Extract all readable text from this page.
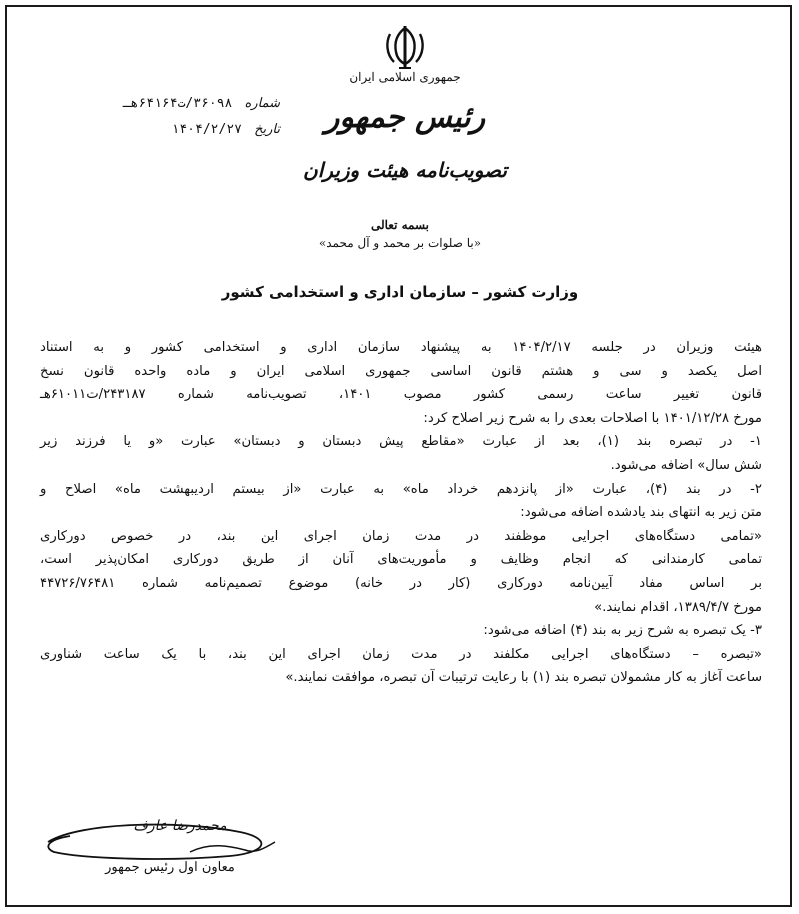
جمهوری اسلامی ایران
رئیس جمهور
تصویب‌نامه هیئت وزیران
شماره ۳۶۰۹۸/ت۶۴۱۶۴هـ
تاریخ ۱۴۰۴/۲/۲۷
بسمه تعالی
«با صلوات بر محمد و آل محمد»
وزارت کشور – سازمان اداری و استخدامی کشور

هیئت وزیران در جلسه ۱۴۰۴/۲/۱۷ به پیشنهاد سازمان اداری و استخدامی کشور و به استناد

اصل یکصد و سی و هشتم قانون اساسی جمهوری اسلامی ایران و ماده واحده قانون نسخ

قانون تغییر ساعت رسمی کشور مصوب ۱۴۰۱، تصویب‌نامه شماره ۲۴۳۱۸۷/ت۶۱۰۱۱هـ

مورخ ۱۴۰۱/۱۲/۲۸ با اصلاحات بعدی را به شرح زیر اصلاح کرد:

۱- در تبصره بند (۱)، بعد از عبارت «مقاطع پیش دبستان و دبستان» عبارت «و یا فرزند زیر

شش سال» اضافه می‌شود.

۲- در بند (۴)، عبارت «از پانزدهم خرداد ماه» به عبارت «از بیستم اردیبهشت ماه» اصلاح و

متن زیر به انتهای بند یادشده اضافه می‌شود:

«تمامی دستگاه‌های اجرایی موظفند در مدت زمان اجرای این بند، در خصوص دورکاری

تمامی کارمندانی که انجام وظایف و مأموریت‌های آنان از طریق دورکاری امکان‌پذیر است،

بر اساس مفاد آیین‌نامه دورکاری (کار در خانه) موضوع تصمیم‌نامه شماره ۴۴۷۲۶/۷۶۴۸۱

مورخ ۱۳۸۹/۴/۷، اقدام نمایند.»

۳- یک تبصره به شرح زیر به بند (۴) اضافه می‌شود:

«تبصره – دستگاه‌های اجرایی مکلفند در مدت زمان اجرای این بند، با یک ساعت شناوری

ساعت آغاز به کار مشمولان تبصره بند (۱) با رعایت ترتیبات آن تبصره، موافقت نمایند.»

محمدرضا عارف
معاون اول رئیس جمهور
